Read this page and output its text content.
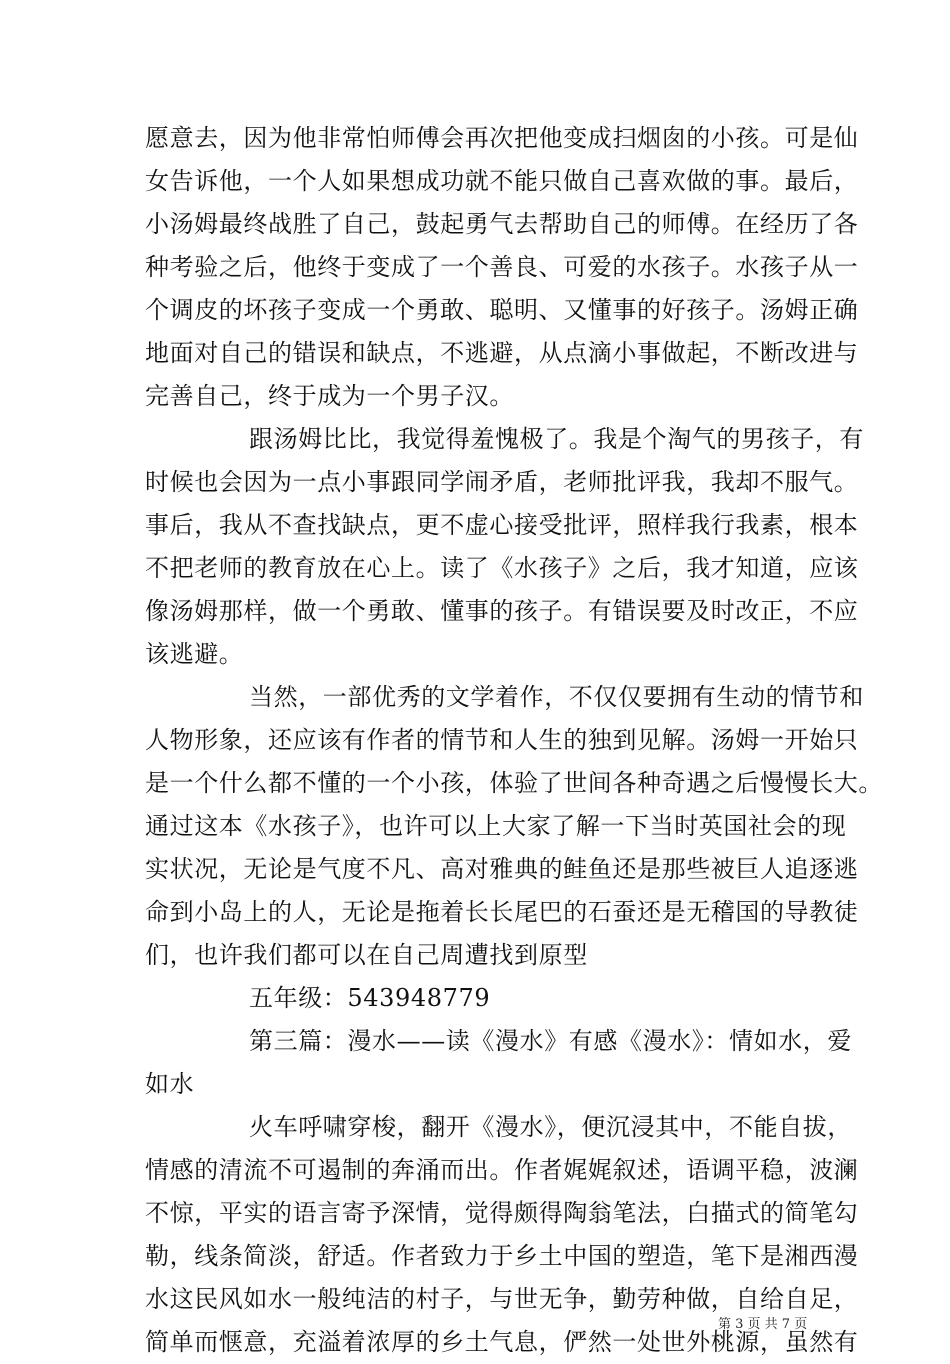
愿意去，因为他非常怕师傅会再次把他变成扫烟囱的小孩。可是仙
女告诉他，一个人如果想成功就不能只做自己喜欢做的事。最后，
小汤姆最终战胜了自己，鼓起勇气去帮助自己的师傅。在经历了各
种考验之后，他终于变成了一个善良、可爱的水孩子。水孩子从一
个调皮的坏孩子变成一个勇敢、聪明、又懂事的好孩子。汤姆正确
地面对自己的错误和缺点，不逃避，从点滴小事做起，不断改进与
完善自己，终于成为一个男子汉。
跟汤姆比比，我觉得羞愧极了。我是个淘气的男孩子，有
时候也会因为一点小事跟同学闹矛盾，老师批评我，我却不服气。
事后，我从不查找缺点，更不虚心接受批评，照样我行我素，根本
不把老师的教育放在心上。读了《水孩子》之后，我才知道，应该
像汤姆那样，做一个勇敢、懂事的孩子。有错误要及时改正，不应
该逃避。
当然，一部优秀的文学着作，不仅仅要拥有生动的情节和
人物形象，还应该有作者的情节和人生的独到见解。汤姆一开始只
是一个什么都不懂的一个小孩，体验了世间各种奇遇之后慢慢长大。
通过这本《水孩子》，也许可以上大家了解一下当时英国社会的现
实状况，无论是气度不凡、高对雅典的鲑鱼还是那些被巨人追逐逃
命到小岛上的人，无论是拖着长长尾巴的石蚕还是无稽国的导教徒
们，也许我们都可以在自己周遭找到原型
五年级：543948779
第三篇：漫水——读《漫水》有感《漫水》：情如水，爱
如水
火车呼啸穿梭，翻开《漫水》，便沉浸其中，不能自拔，
情感的清流不可遏制的奔涌而出。作者娓娓叙述，语调平稳，波澜
不惊，平实的语言寄予深情，觉得颇得陶翁笔法，白描式的简笔勾
勒，线条简淡，舒适。作者致力于乡土中国的塑造，笔下是湘西漫
水这民风如水一般纯洁的村子，与世无争，勤劳种做，自给自足，
简单而惬意，充溢着浓厚的乡土气息，俨然一处世外桃源，虽然有
第 3 页 共 7 页
